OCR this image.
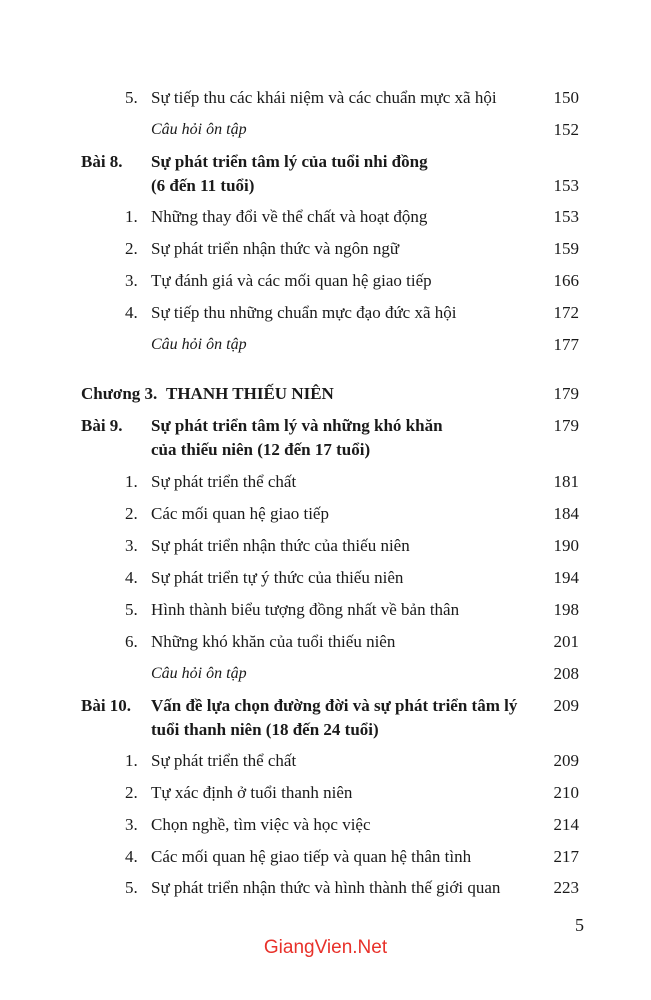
5. Sự tiếp thu các khái niệm và các chuẩn mực xã hội	150
Câu hỏi ôn tập	152
Bài 8. Sự phát triển tâm lý của tuổi nhi đồng
(6 đến 11 tuổi)	153
1. Những thay đổi về thể chất và hoạt động	153
2. Sự phát triển nhận thức và ngôn ngữ	159
3. Tự đánh giá và các mối quan hệ giao tiếp	166
4. Sự tiếp thu những chuẩn mực đạo đức xã hội	172
Câu hỏi ôn tập	177
Chương 3. THANH THIẾU NIÊN	179
Bài 9. Sự phát triển tâm lý và những khó khăn	179
của thiếu niên (12 đến 17 tuổi)
1. Sự phát triển thể chất	181
2. Các mối quan hệ giao tiếp	184
3. Sự phát triển nhận thức của thiếu niên	190
4. Sự phát triển tự ý thức của thiếu niên	194
5. Hình thành biểu tượng đồng nhất về bản thân	198
6. Những khó khăn của tuổi thiếu niên	201
Câu hỏi ôn tập	208
Bài 10. Vấn đề lựa chọn đường đời và sự phát triển tâm lý 209
tuổi thanh niên (18 đến 24 tuổi)
1. Sự phát triển thể chất	209
2. Tự xác định ở tuổi thanh niên	210
3. Chọn nghề, tìm việc và học việc	214
4. Các mối quan hệ giao tiếp và quan hệ thân tình	217
5. Sự phát triển nhận thức và hình thành thế giới quan	223
5
GiangVien.Net
